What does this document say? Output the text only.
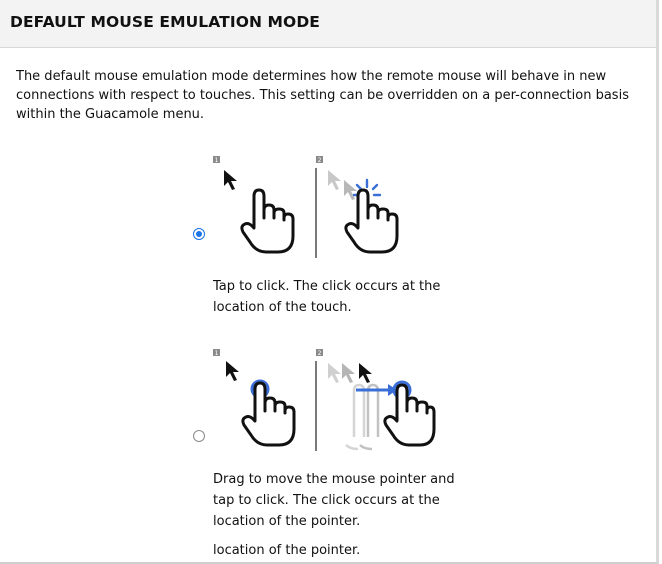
DEFAULT MOUSE EMULATION MODE
The default mouse emulation mode determines how the remote mouse will behave in new connections with respect to touches. This setting can be overridden on a per-connection basis within the Guacamole menu.
1	2
Tap to click. The click occurs at the location of the touch.
1	2
Drag to move the mouse pointer and tap to click. The click occurs at the location of the pointer.
location of the pointer.
